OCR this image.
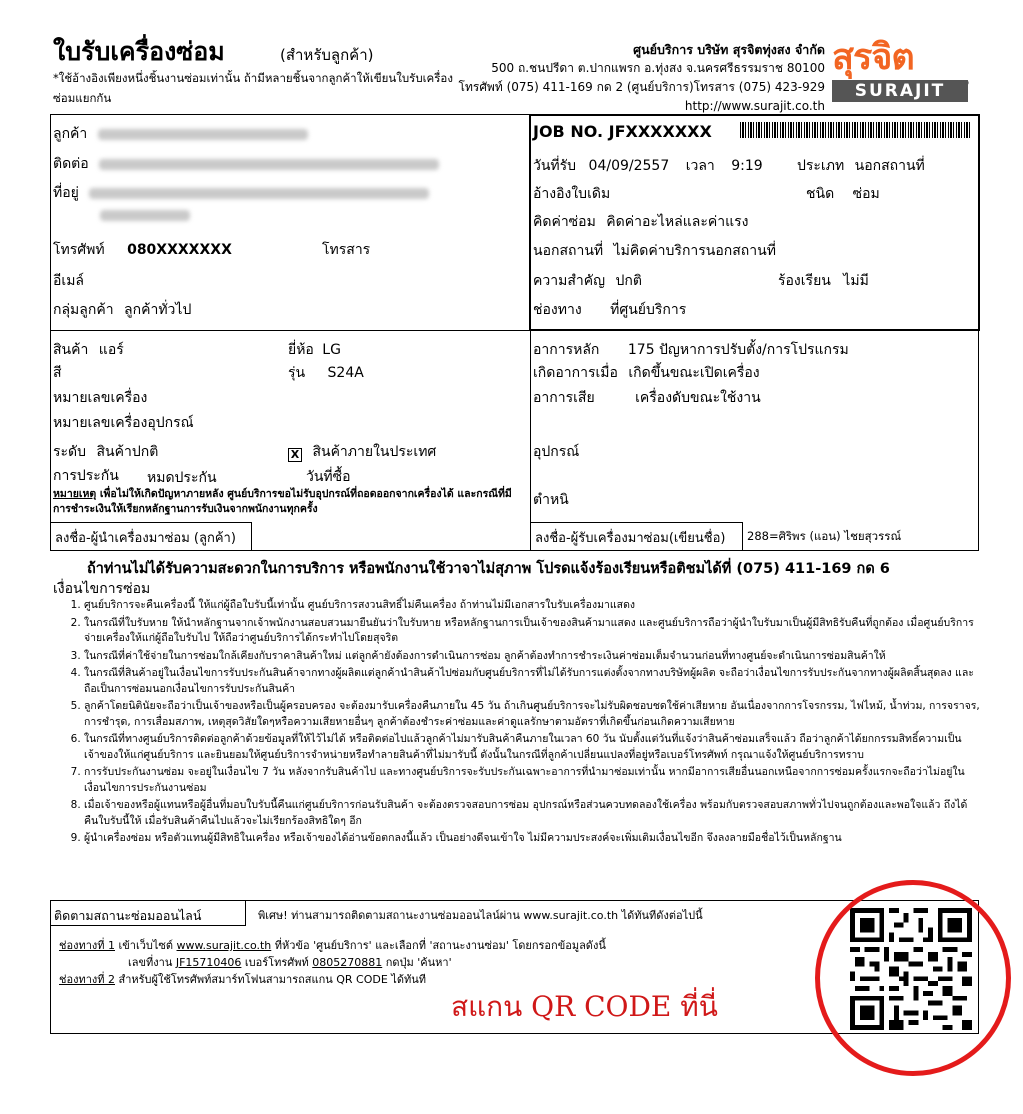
ใบรับเครื่องซ่อม	(สำหรับลูกค้า)
*ใช้อ้างอิงเพียงหนึ่งชิ้นงานซ่อมเท่านั้น ถ้ามีหลายชิ้นจากลูกค้าให้เขียนใบรับเครื่องซ่อมแยกกัน
ศูนย์บริการ บริษัท สุรจิตทุ่งสง จำกัด
500 ถ.ชนปรีดา ต.ปากแพรก อ.ทุ่งสง จ.นครศรีธรรมราช 80100
โทรศัพท์ (075) 411-169 กด 2 (ศูนย์บริการ)โทรสาร (075) 423-929
http://www.surajit.co.th
สุรจิต
SURAJIT	CO TH
ลูกค้า
ติดต่อ
ที่อยู่
โทรศัพท์ 080XXXXXXX	โทรสาร
อีเมล์
กลุ่มลูกค้า ลูกค้าทั่วไป
JOB NO. JFXXXXXXX
วันที่รับ 04/09/2557 เวลา 9:19 ประเภท นอกสถานที่
อ้างอิงใบเดิม	ชนิด ซ่อม
คิดค่าซ่อม คิดค่าอะไหล่และค่าแรง
นอกสถานที่ ไม่คิดค่าบริการนอกสถานที่
ความสำคัญ ปกติ	ร้องเรียน ไม่มี
ช่องทาง ที่ศูนย์บริการ
สินค้า แอร์	ยี่ห้อ LG
สี	รุ่น S24A
หมายเลขเครื่อง
หมายเลขเครื่องอุปกรณ์
ระดับ สินค้าปกติ	X สินค้าภายในประเทศ
การประกัน หมดประกัน	วันที่ซื้อ
หมายเหตุ เพื่อไม่ให้เกิดปัญหาภายหลัง ศูนย์บริการขอไม่รับอุปกรณ์ที่ถอดออกจากเครื่องได้ และกรณีที่มีการชำระเงินให้เรียกหลักฐานการรับเงินจากพนักงานทุกครั้ง
ลงชื่อ-ผู้นำเครื่องมาซ่อม (ลูกค้า)
อาการหลัก 175 ปัญหาการปรับตั้ง/การโปรแกรม
เกิดอาการเมื่อ เกิดขึ้นขณะเปิดเครื่อง
อาการเสีย	เครื่องดับขณะใช้งาน
อุปกรณ์
ตำหนิ
ลงชื่อ-ผู้รับเครื่องมาซ่อม(เขียนชื่อ)	288=ศิริพร (แอน) ไชยสุวรรณ์
ถ้าท่านไม่ได้รับความสะดวกในการบริการ หรือพนักงานใช้วาจาไม่สุภาพ โปรดแจ้งร้องเรียนหรือติชมได้ที่ (075) 411-169 กด 6
เงื่อนไขการซ่อม
1. ศูนย์บริการจะคืนเครื่องนี้ ให้แก่ผู้ถือใบรับนี้เท่านั้น ศูนย์บริการสงวนสิทธิ์ไม่คืนเครื่อง ถ้าท่านไม่มีเอกสารใบรับเครื่องมาแสดง
2. ในกรณีที่ใบรับหาย ให้นำหลักฐานจากเจ้าพนักงานสอบสวนมายืนยันว่าใบรับหาย หรือหลักฐานการเป็นเจ้าของสินค้ามาแสดง และศูนย์บริการถือว่าผู้นำใบรับมาเป็นผู้มีสิทธิรับคืนที่ถูกต้อง เมื่อศูนย์บริการจ่ายเครื่องให้แก่ผู้ถือใบรับไป ให้ถือว่าศูนย์บริการได้กระทำไปโดยสุจริต
3. ในกรณีที่ค่าใช้จ่ายในการซ่อมใกล้เคียงกับราคาสินค้าใหม่ แต่ลูกค้ายังต้องการดำเนินการซ่อม ลูกค้าต้องทำการชำระเงินค่าซ่อมเต็มจำนวนก่อนที่ทางศูนย์จะดำเนินการซ่อมสินค้าให้
4. ในกรณีที่สินค้าอยู่ในเงื่อนไขการรับประกันสินค้าจากทางผู้ผลิตแต่ลูกค้านำสินค้าไปซ่อมกับศูนย์บริการที่ไม่ได้รับการแต่งตั้งจากทางบริษัทผู้ผลิต จะถือว่าเงื่อนไขการรับประกันจากทางผู้ผลิตสิ้นสุดลง และถือเป็นการซ่อมนอกเงื่อนไขการรับประกันสินค้า
5. ลูกค้าโดยนิตินัยจะถือว่าเป็นเจ้าของหรือเป็นผู้ครอบครอง จะต้องมารับเครื่องคืนภายใน 45 วัน ถ้าเกินศูนย์บริการจะไม่รับผิดชอบชดใช้ค่าเสียหาย อันเนื่องจากการโจรกรรม, ไฟไหม้, น้ำท่วม, การจราจร, การชำรุด, การเสื่อมสภาพ, เหตุสุดวิสัยใดๆหรือความเสียหายอื่นๆ ลูกค้าต้องชำระค่าซ่อมและค่าดูแลรักษาตามอัตราที่เกิดขึ้นก่อนเกิดความเสียหาย
6. ในกรณีที่ทางศูนย์บริการติดต่อลูกค้าด้วยข้อมูลที่ให้ไว้ไม่ได้ หรือติดต่อไปแล้วลูกค้าไม่มารับสินค้าคืนภายในเวลา 60 วัน นับตั้งแต่วันที่แจ้งว่าสินค้าซ่อมเสร็จแล้ว ถือว่าลูกค้าได้ยกกรรมสิทธิ์ความเป็นเจ้าของให้แก่ศูนย์บริการ และยินยอมให้ศูนย์บริการจำหน่ายหรือทำลายสินค้าที่ไม่มารับนี้ ดังนั้นในกรณีที่ลูกค้าเปลี่ยนแปลงที่อยู่หรือเบอร์โทรศัพท์ กรุณาแจ้งให้ศูนย์บริการทราบ
7. การรับประกันงานซ่อม จะอยู่ในเงื่อนไข 7 วัน หลังจากรับสินค้าไป และทางศูนย์บริการจะรับประกันเฉพาะอาการที่นำมาซ่อมเท่านั้น หากมีอาการเสียอื่นนอกเหนือจากการซ่อมครั้งแรกจะถือว่าไม่อยู่ในเงื่อนไขการประกันงานซ่อม
8. เมื่อเจ้าของหรือผู้แทนหรือผู้อื่นที่มอบใบรับนี้คืนแก่ศูนย์บริการก่อนรับสินค้า จะต้องตรวจสอบการซ่อม อุปกรณ์หรือส่วนควบทดลองใช้เครื่อง พร้อมกับตรวจสอบสภาพทั่วไปจนถูกต้องและพอใจแล้ว ถึงได้คืนใบรับนี้ให้ เมื่อรับสินค้าคืนไปแล้วจะไม่เรียกร้องสิทธิใดๆ อีก
9. ผู้นำเครื่องซ่อม หรือตัวแทนผู้มีสิทธิในเครื่อง หรือเจ้าของได้อ่านข้อตกลงนี้แล้ว เป็นอย่างดีจนเข้าใจ ไม่มีความประสงค์จะเพิ่มเติมเงื่อนไขอีก จึงลงลายมือชื่อไว้เป็นหลักฐาน
ติดตามสถานะซ่อมออนไลน์	พิเศษ! ท่านสามารถติดตามสถานะงานซ่อมออนไลน์ผ่าน www.surajit.co.th ได้ทันทีดังต่อไปนี้
ช่องทางที่ 1 เข้าเว็บไซต์ www.surajit.co.th ที่หัวข้อ 'ศูนย์บริการ' และเลือกที่ 'สถานะงานซ่อม' โดยกรอกข้อมูลดังนี้
เลขที่งาน JF15710406 เบอร์โทรศัพท์ 0805270881 กดปุ่ม 'ค้นหา'
ช่องทางที่ 2 สำหรับผู้ใช้โทรศัพท์สมาร์ทโฟนสามารถสแกน QR CODE ได้ทันที
สแกน QR CODE ที่นี่
